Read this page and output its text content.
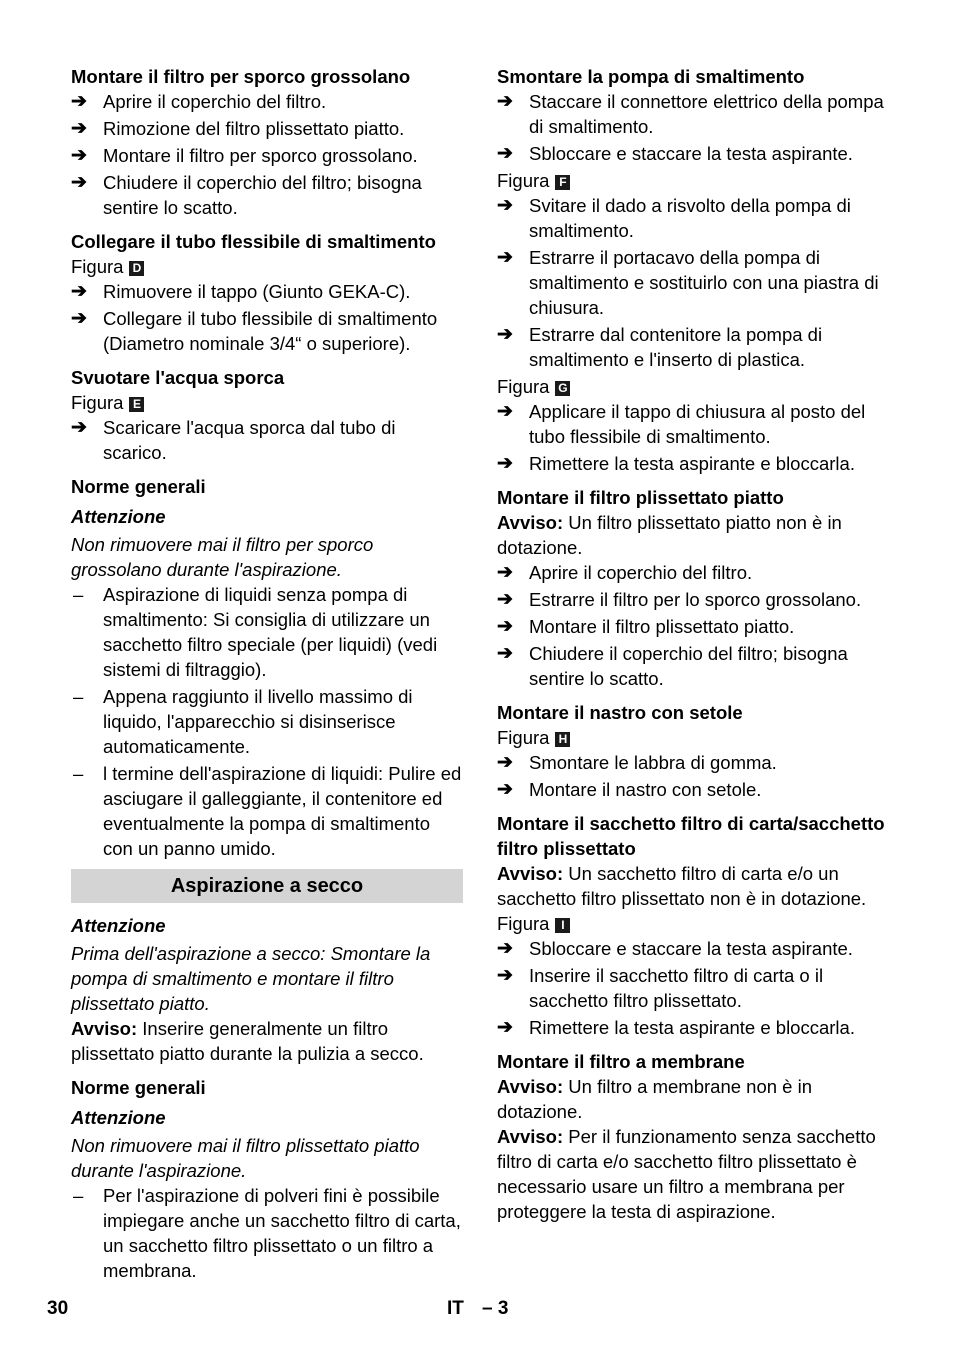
Montare il filtro per sporco grossolano

➔ Aprire il coperchio del filtro.
➔ Rimozione del filtro plissettato piatto.
➔ Montare il filtro per sporco grossolano.
➔ Chiudere il coperchio del filtro; bisogna sentire lo scatto.

Collegare il tubo flessibile di smaltimento

Figura D

➔ Rimuovere il tappo (Giunto GEKA-C).
➔ Collegare il tubo flessibile di smaltimento (Diametro nominale 3/4“ o superiore).

Svuotare l'acqua sporca

Figura E

➔ Scaricare l'acqua sporca dal tubo di scarico.

Norme generali

Attenzione

Non rimuovere mai il filtro per sporco grossolano durante l'aspirazione.

–	Aspirazione di liquidi senza pompa di smaltimento: Si consiglia di utilizzare un sacchetto filtro speciale (per liquidi) (vedi sistemi di filtraggio).
–	Appena raggiunto il livello massimo di liquido, l'apparecchio si disinserisce automaticamente.
–	l termine dell'aspirazione di liquidi: Pulire ed asciugare il galleggiante, il contenitore ed eventualmente la pompa di smaltimento con un panno umido.
Aspirazione a secco

Attenzione

Prima dell'aspirazione a secco: Smontare la pompa di smaltimento e montare il filtro plissettato piatto.

Avviso: Inserire generalmente un filtro plissettato piatto durante la pulizia a secco.

Norme generali

Attenzione

Non rimuovere mai il filtro plissettato piatto durante l'aspirazione.

–	Per l'aspirazione di polveri fini è possibile impiegare anche un sacchetto filtro di carta, un sacchetto filtro plissettato o un filtro a membrana.

Smontare la pompa di smaltimento

➔ Staccare il connettore elettrico della pompa di smaltimento.
➔ Sbloccare e staccare la testa aspirante.

Figura F

➔ Svitare il dado a risvolto della pompa di smaltimento.
➔ Estrarre il portacavo della pompa di smaltimento e sostituirlo con una piastra di chiusura.
➔ Estrarre dal contenitore la pompa di smaltimento e l'inserto di plastica.

Figura G

➔ Applicare il tappo di chiusura al posto del tubo flessibile di smaltimento.
➔ Rimettere la testa aspirante e bloccarla.

Montare il filtro plissettato piatto

Avviso: Un filtro plissettato piatto non è in dotazione.

➔ Aprire il coperchio del filtro.
➔ Estrarre il filtro per lo sporco grossolano.
➔ Montare il filtro plissettato piatto.
➔ Chiudere il coperchio del filtro; bisogna sentire lo scatto.

Montare il nastro con setole

Figura H

➔ Smontare le labbra di gomma.
➔ Montare il nastro con setole.

Montare il sacchetto filtro di carta/sacchetto filtro plissettato

Avviso: Un sacchetto filtro di carta e/o un sacchetto filtro plissettato non è in dotazione.

Figura I

➔ Sbloccare e staccare la testa aspirante.
➔ Inserire il sacchetto filtro di carta o il sacchetto filtro plissettato.
➔ Rimettere la testa aspirante e bloccarla.

Montare il filtro a membrane

Avviso: Un filtro a membrane non è in dotazione.

Avviso: Per il funzionamento senza sacchetto filtro di carta e/o sacchetto filtro plissettato è necessario usare un filtro a membrana per proteggere la testa di aspirazione.

30	IT – 3
